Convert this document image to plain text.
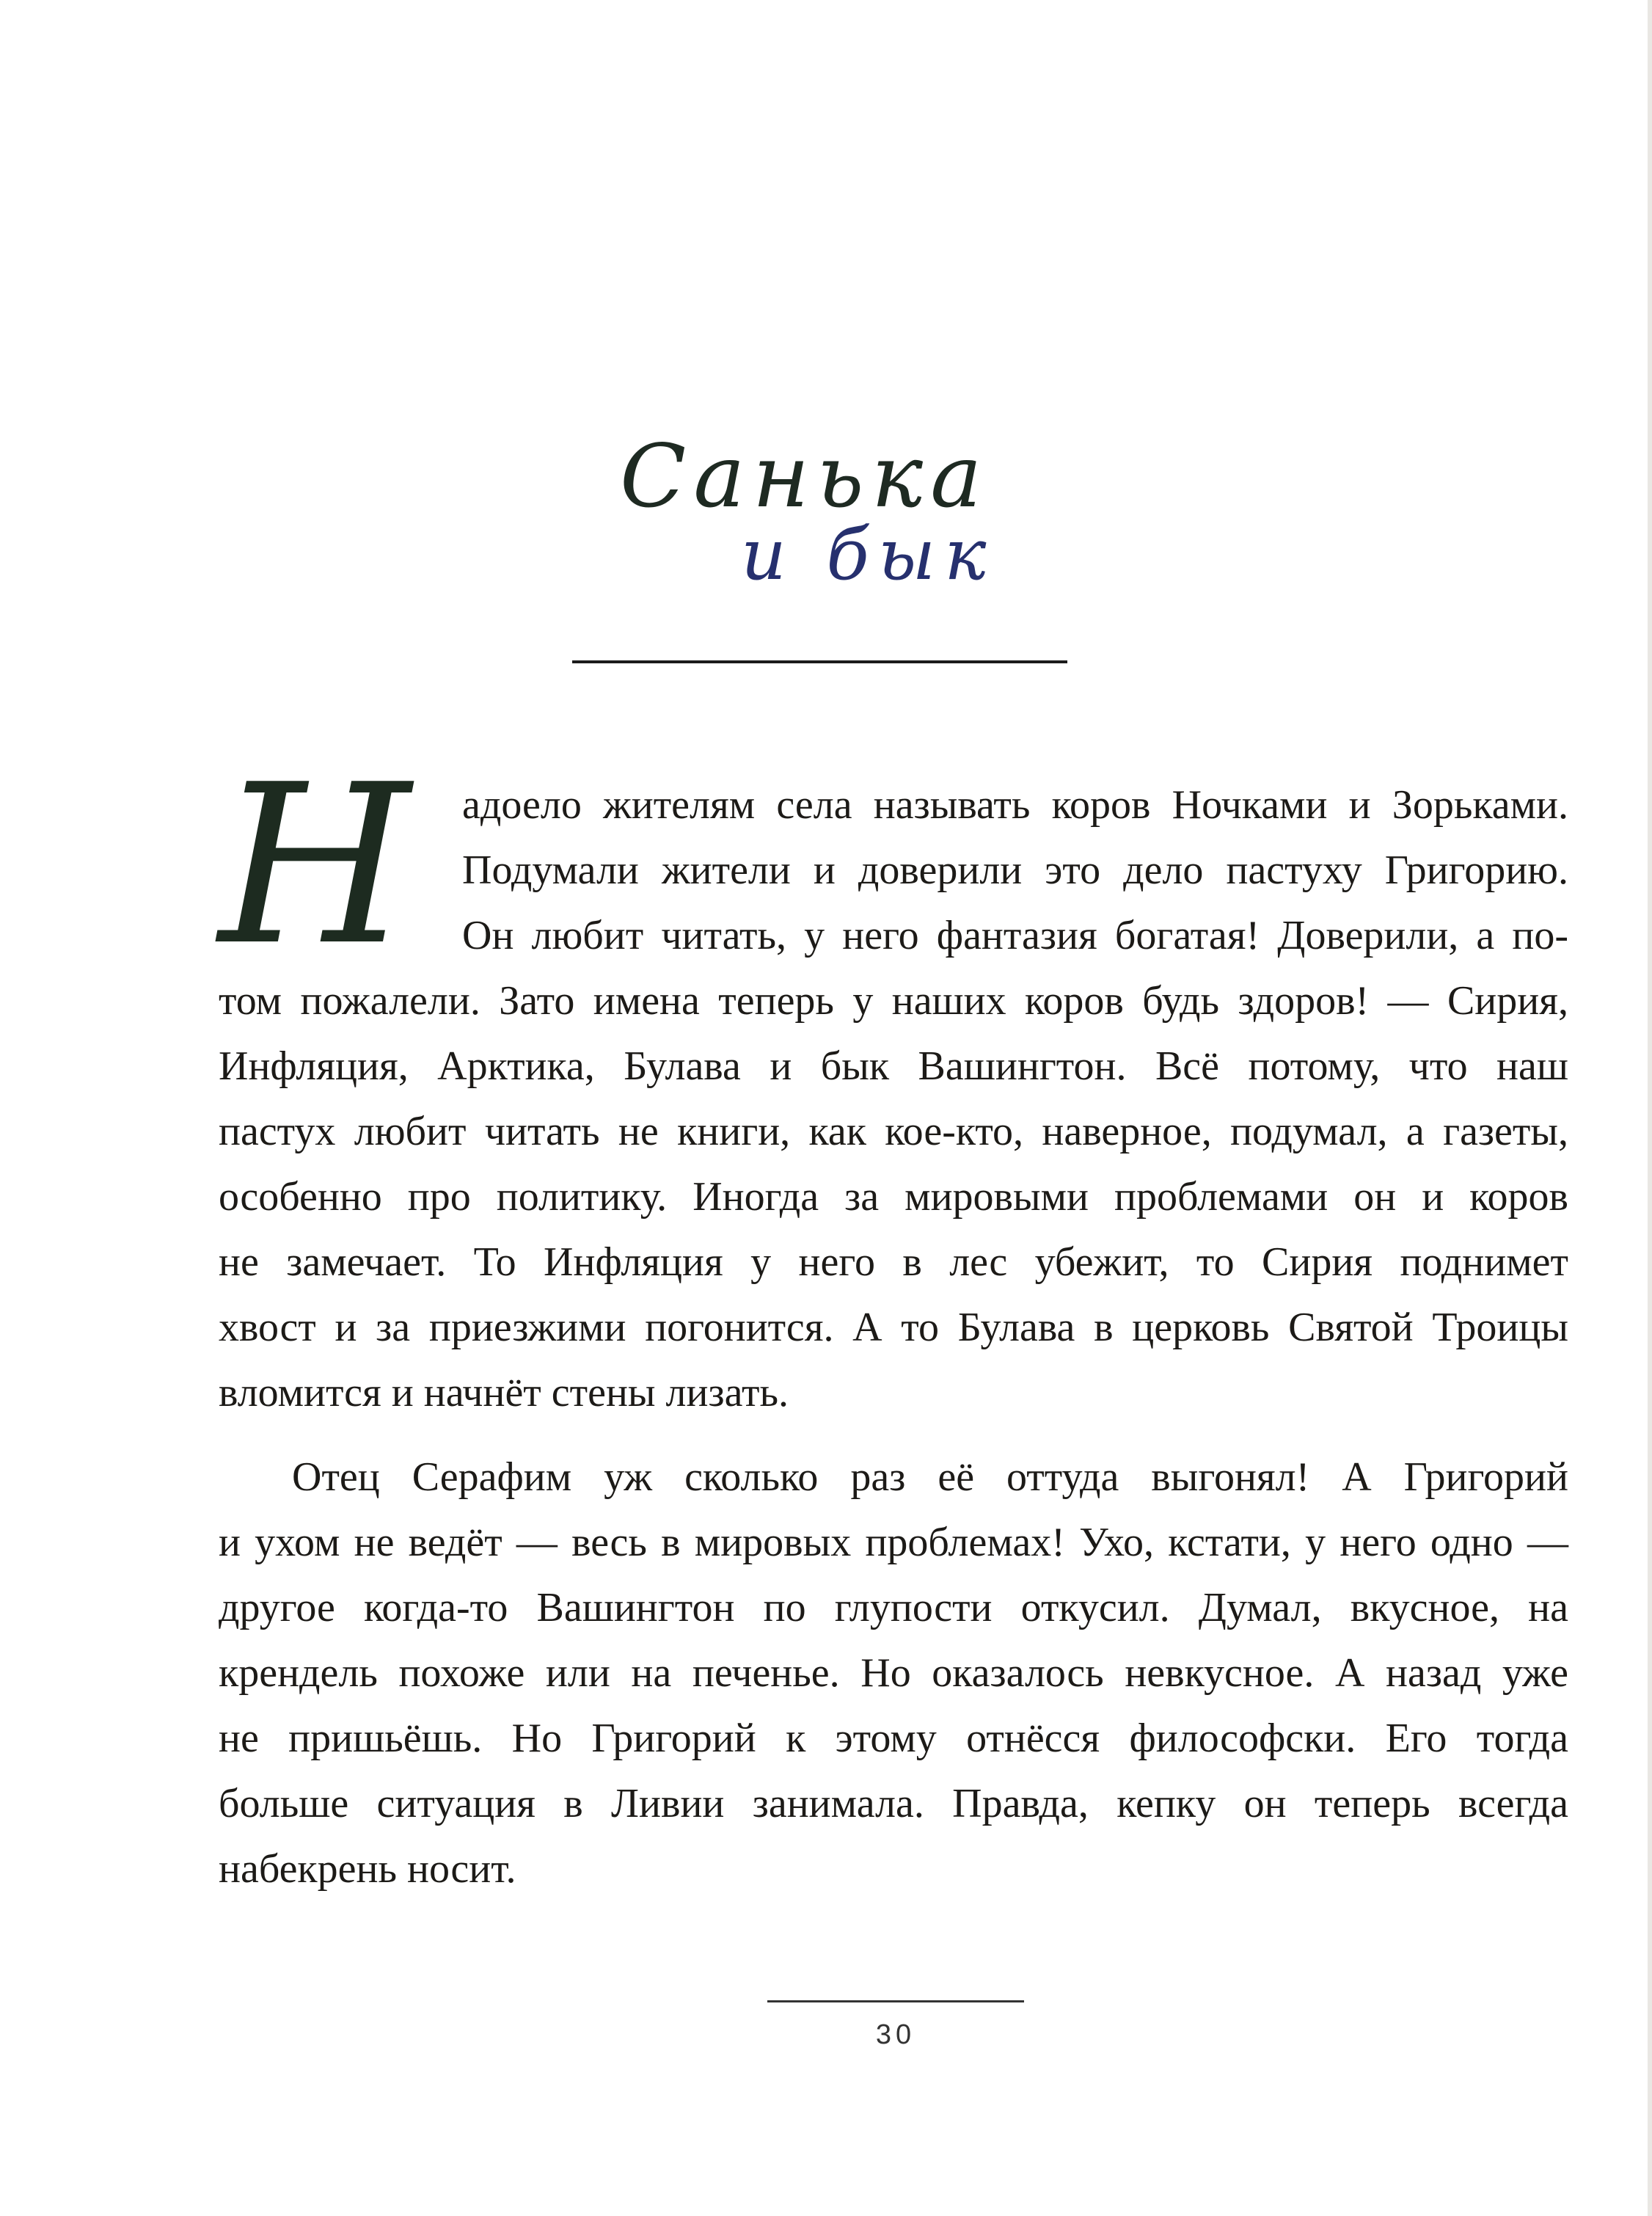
Санька
и бык
Н	адоело жителям села называть коров Ночками и Зорьками.
Подумали жители и доверили это дело пастуху Григорию.
Он любит читать, у него фантазия богатая! Доверили, а по-
том пожалели. Зато имена теперь у наших коров будь здоров! — Сирия,
Инфляция, Арктика, Булава и бык Вашингтон. Всё потому, что наш
пастух любит читать не книги, как кое-кто, наверное, подумал, а газеты,
особенно про политику. Иногда за мировыми проблемами он и коров
не замечает. То Инфляция у него в лес убежит, то Сирия поднимет
хвост и за приезжими погонится. А то Булава в церковь Святой Троицы
вломится и начнёт стены лизать.
Отец Серафим уж сколько раз её оттуда выгонял! А Григорий
и ухом не ведёт — весь в мировых проблемах! Ухо, кстати, у него одно —
другое когда-то Вашингтон по глупости откусил. Думал, вкусное, на
крендель похоже или на печенье. Но оказалось невкусное. А назад уже
не пришьёшь. Но Григорий к этому отнёсся философски. Его тогда
больше ситуация в Ливии занимала. Правда, кепку он теперь всегда
набекрень носит.
30
